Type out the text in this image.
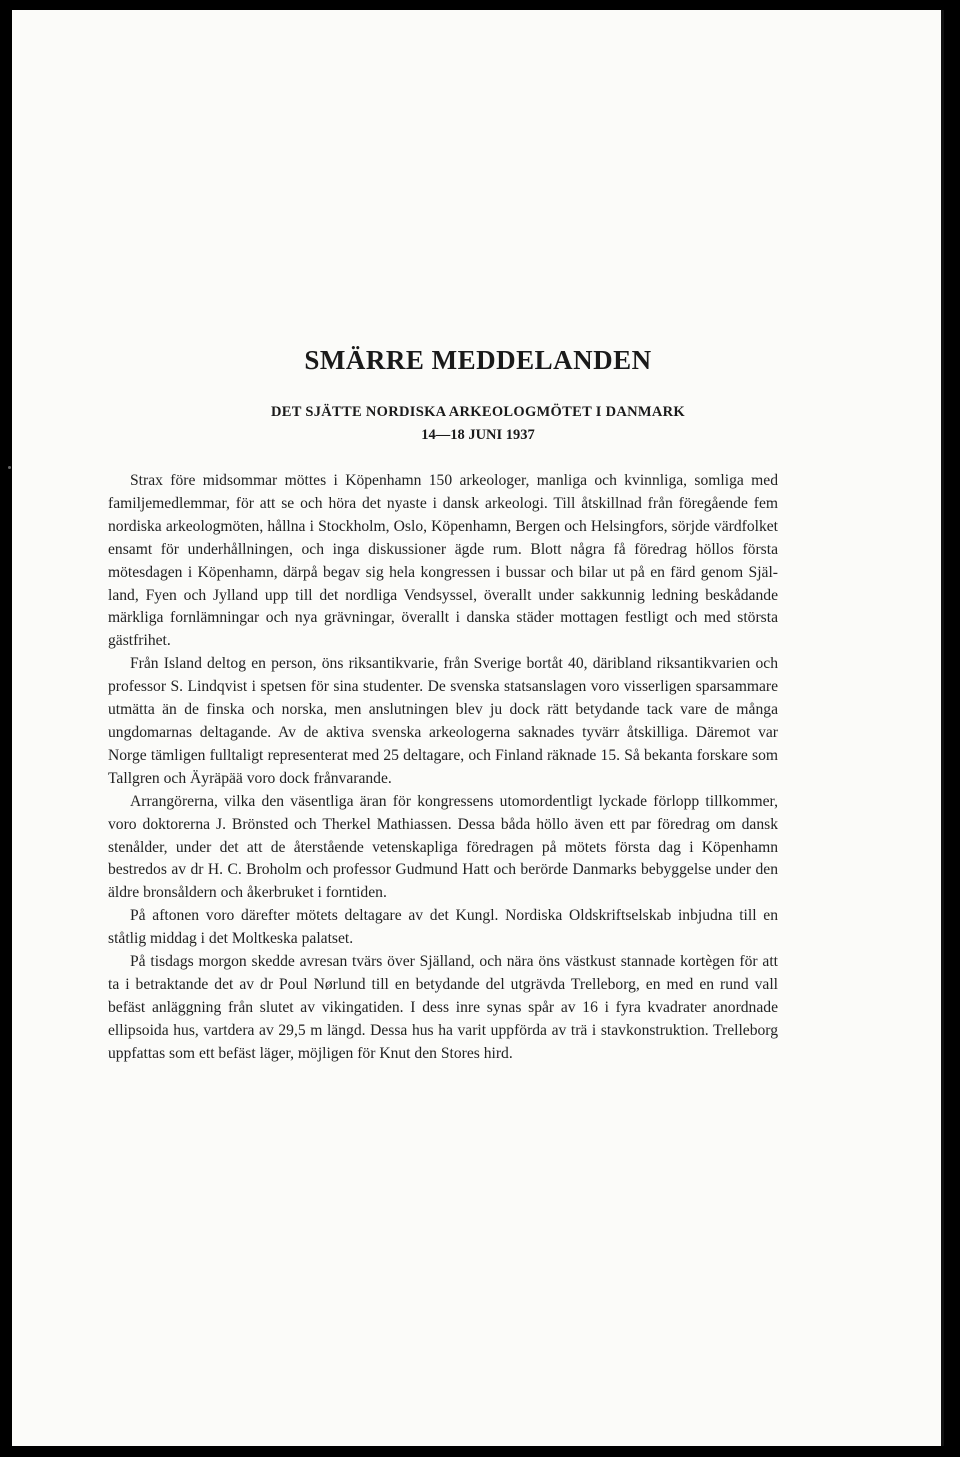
SMÄRRE MEDDELANDEN
DET SJÄTTE NORDISKA ARKEOLOGMÖTET I DANMARK
14—18 JUNI 1937

Strax före midsommar möttes i Köpenhamn 150 arkeologer, manliga och kvinnliga, somliga med familjemedlemmar, för att se och höra det nyaste i dansk arkeologi. Till åtskillnad från föregående fem nordiska arkeologmöten, hållna i Stockholm, Oslo, Köpenhamn, Bergen och Helsingfors, sörjde värdfolket ensamt för underhållningen, och inga diskussioner ägde rum. Blott några få föredrag höllos första mötesdagen i Köpenhamn, därpå begav sig hela kongressen i bussar och bilar ut på en färd genom Själland, Fyen och Jylland upp till det nordliga Vendsyssel, överallt under sakkunnig ledning beskådande märkliga fornlämningar och nya grävningar, överallt i danska städer mottagen festligt och med största gästfrihet.

Från Island deltog en person, öns riksantikvarie, från Sverige bortåt 40, däribland riksantikvarien och professor S. Lindqvist i spetsen för sina studenter. De svenska statsanslagen voro visserligen sparsammare utmätta än de finska och norska, men anslutningen blev ju dock rätt betydande tack vare de många ungdomarnas deltagande. Av de aktiva svenska arkeologerna saknades tyvärr åtskilliga. Däremot var Norge tämligen fulltaligt representerat med 25 deltagare, och Finland räknade 15. Så bekanta forskare som Tallgren och Äyräpää voro dock frånvarande.

Arrangörerna, vilka den väsentliga äran för kongressens utomordentligt lyckade förlopp tillkommer, voro doktorerna J. Brönsted och Therkel Mathiassen. Dessa båda höllo även ett par föredrag om dansk stenålder, under det att de återstående vetenskapliga föredragen på mötets första dag i Köpenhamn bestredos av dr H. C. Broholm och professor Gudmund Hatt och berörde Danmarks bebyggelse under den äldre bronsåldern och åkerbruket i forntiden.

På aftonen voro därefter mötets deltagare av det Kungl. Nordiska Oldskriftselskab inbjudna till en ståtlig middag i det Moltkeska palatset.

På tisdags morgon skedde avresan tvärs över Själland, och nära öns västkust stannade kortègen för att ta i betraktande det av dr Poul Nørlund till en betydande del utgrävda Trelleborg, en med en rund vall befäst anläggning från slutet av vikingatiden. I dess inre synas spår av 16 i fyra kvadrater anordnade ellipsoida hus, vartdera av 29,5 m längd. Dessa hus ha varit uppförda av trä i stavkonstruktion. Trelleborg uppfattas som ett befäst läger, möjligen för Knut den Stores hird.
